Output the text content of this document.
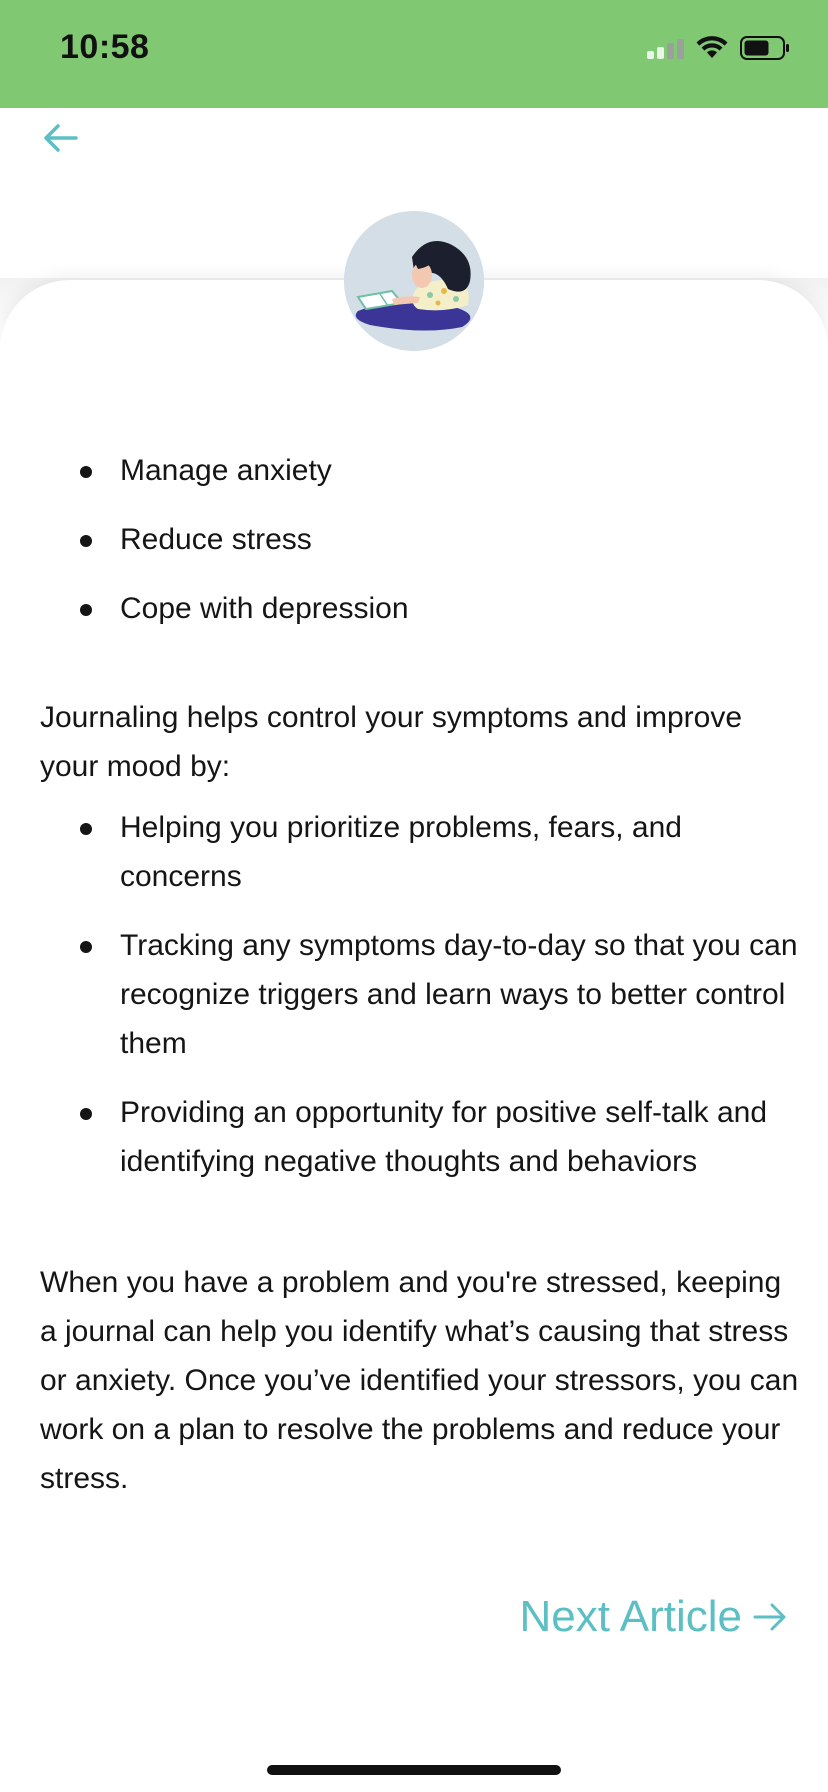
10:58
Manage anxiety
Reduce stress
Cope with depression

Journaling helps control your symptoms and improve your mood by:

Helping you prioritize problems, fears, and concerns
Tracking any symptoms day-to-day so that you can recognize triggers and learn ways to better control them
Providing an opportunity for positive self-talk and identifying negative thoughts and behaviors

When you have a problem and you're stressed, keeping a journal can help you identify what’s causing that stress or anxiety. Once you’ve identified your stressors, you can work on a plan to resolve the problems and reduce your stress.

Next Article
